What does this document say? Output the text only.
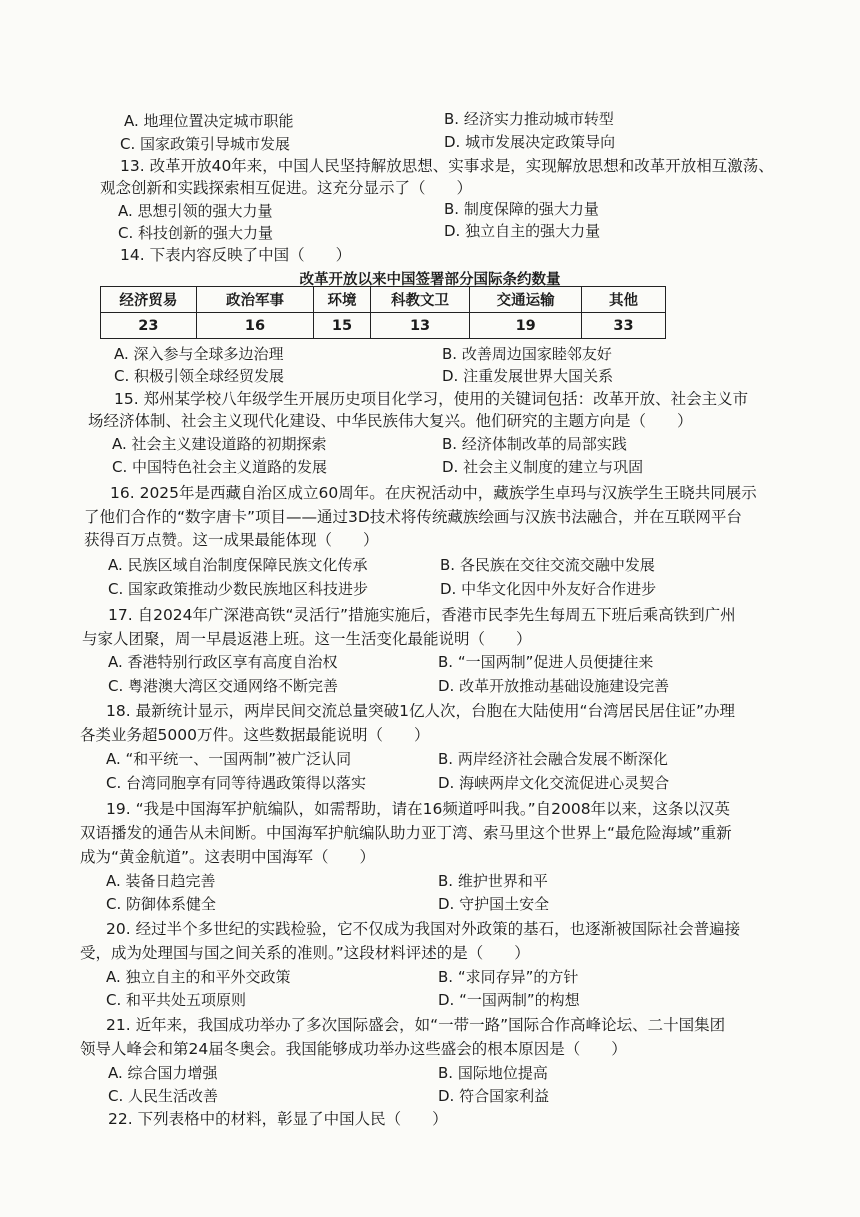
A. 地理位置决定城市职能	B. 经济实力推动城市转型
C. 国家政策引导城市发展	D. 城市发展决定政策导向
13. 改革开放40年来，中国人民坚持解放思想、实事求是，实现解放思想和改革开放相互激荡、
观念创新和实践探索相互促进。这充分显示了（　　）
A. 思想引领的强大力量	B. 制度保障的强大力量
C. 科技创新的强大力量	D. 独立自主的强大力量
14. 下表内容反映了中国（　　）
改革开放以来中国签署部分国际条约数量
经济贸易	政治军事	环境	科教文卫	交通运输	其他
23	16	15	13	19	33
A. 深入参与全球多边治理	B. 改善周边国家睦邻友好
C. 积极引领全球经贸发展	D. 注重发展世界大国关系
15. 郑州某学校八年级学生开展历史项目化学习，使用的关键词包括：改革开放、社会主义市
场经济体制、社会主义现代化建设、中华民族伟大复兴。他们研究的主题方向是（　　）
A. 社会主义建设道路的初期探索	B. 经济体制改革的局部实践
C. 中国特色社会主义道路的发展	D. 社会主义制度的建立与巩固
16. 2025年是西藏自治区成立60周年。在庆祝活动中，藏族学生卓玛与汉族学生王晓共同展示
了他们合作的“数字唐卡”项目——通过3D技术将传统藏族绘画与汉族书法融合，并在互联网平台
获得百万点赞。这一成果最能体现（　　）
A. 民族区域自治制度保障民族文化传承	B. 各民族在交往交流交融中发展
C. 国家政策推动少数民族地区科技进步	D. 中华文化因中外友好合作进步
17. 自2024年广深港高铁“灵活行”措施实施后，香港市民李先生每周五下班后乘高铁到广州
与家人团聚，周一早晨返港上班。这一生活变化最能说明（　　）
A. 香港特别行政区享有高度自治权	B. “一国两制”促进人员便捷往来
C. 粤港澳大湾区交通网络不断完善	D. 改革开放推动基础设施建设完善
18. 最新统计显示，两岸民间交流总量突破1亿人次，台胞在大陆使用“台湾居民居住证”办理
各类业务超5000万件。这些数据最能说明（　　）
A. “和平统一、一国两制”被广泛认同	B. 两岸经济社会融合发展不断深化
C. 台湾同胞享有同等待遇政策得以落实	D. 海峡两岸文化交流促进心灵契合
19. “我是中国海军护航编队，如需帮助，请在16频道呼叫我。”自2008年以来，这条以汉英
双语播发的通告从未间断。中国海军护航编队助力亚丁湾、索马里这个世界上“最危险海域”重新
成为“黄金航道”。这表明中国海军（　　）
A. 装备日趋完善	B. 维护世界和平
C. 防御体系健全	D. 守护国土安全
20. 经过半个多世纪的实践检验，它不仅成为我国对外政策的基石，也逐渐被国际社会普遍接
受，成为处理国与国之间关系的准则。”这段材料评述的是（　　）
A. 独立自主的和平外交政策	B. “求同存异”的方针
C. 和平共处五项原则	D. “一国两制”的构想
21. 近年来，我国成功举办了多次国际盛会，如“一带一路”国际合作高峰论坛、二十国集团
领导人峰会和第24届冬奥会。我国能够成功举办这些盛会的根本原因是（　　）
A. 综合国力增强	B. 国际地位提高
C. 人民生活改善	D. 符合国家利益
22. 下列表格中的材料，彰显了中国人民（　　）
